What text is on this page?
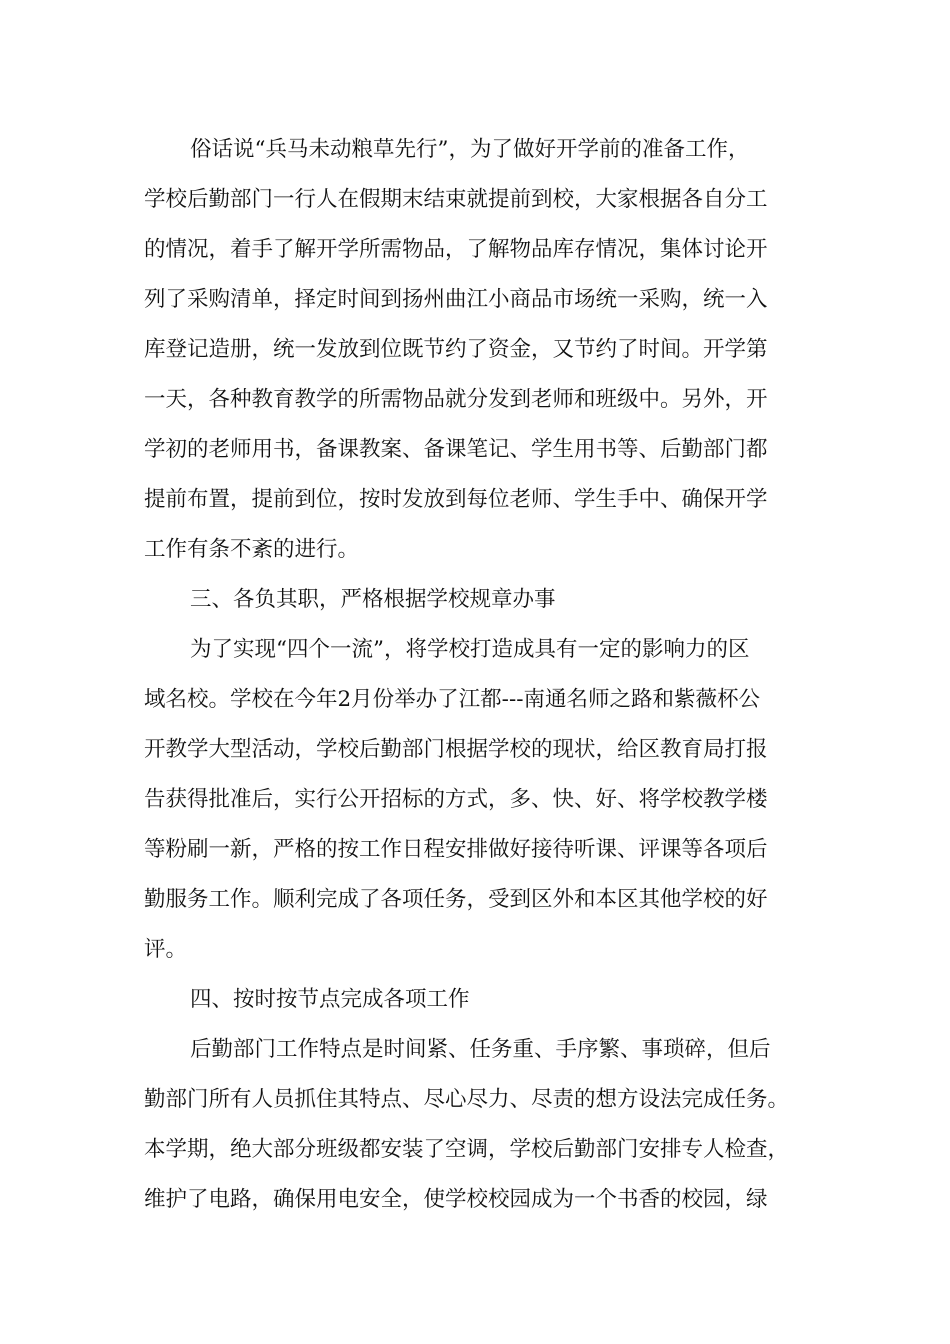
俗话说“兵马未动粮草先行”，为了做好开学前的准备工作，
学校后勤部门一行人在假期末结束就提前到校，大家根据各自分工
的情况，着手了解开学所需物品，了解物品库存情况，集体讨论开
列了采购清单，择定时间到扬州曲江小商品市场统一采购，统一入
库登记造册，统一发放到位既节约了资金，又节约了时间。开学第
一天，各种教育教学的所需物品就分发到老师和班级中。另外，开
学初的老师用书，备课教案、备课笔记、学生用书等、后勤部门都
提前布置，提前到位，按时发放到每位老师、学生手中、确保开学
工作有条不紊的进行。
三、各负其职，严格根据学校规章办事
为了实现“四个一流”，将学校打造成具有一定的影响力的区
域名校。学校在今年2月份举办了江都---南通名师之路和紫薇杯公
开教学大型活动，学校后勤部门根据学校的现状，给区教育局打报
告获得批准后，实行公开招标的方式，多、快、好、将学校教学楼
等粉刷一新，严格的按工作日程安排做好接待听课、评课等各项后
勤服务工作。顺利完成了各项任务，受到区外和本区其他学校的好
评。
四、按时按节点完成各项工作
后勤部门工作特点是时间紧、任务重、手序繁、事琐碎，但后
勤部门所有人员抓住其特点、尽心尽力、尽责的想方设法完成任务。
本学期，绝大部分班级都安装了空调，学校后勤部门安排专人检查，
维护了电路，确保用电安全，使学校校园成为一个书香的校园，绿
